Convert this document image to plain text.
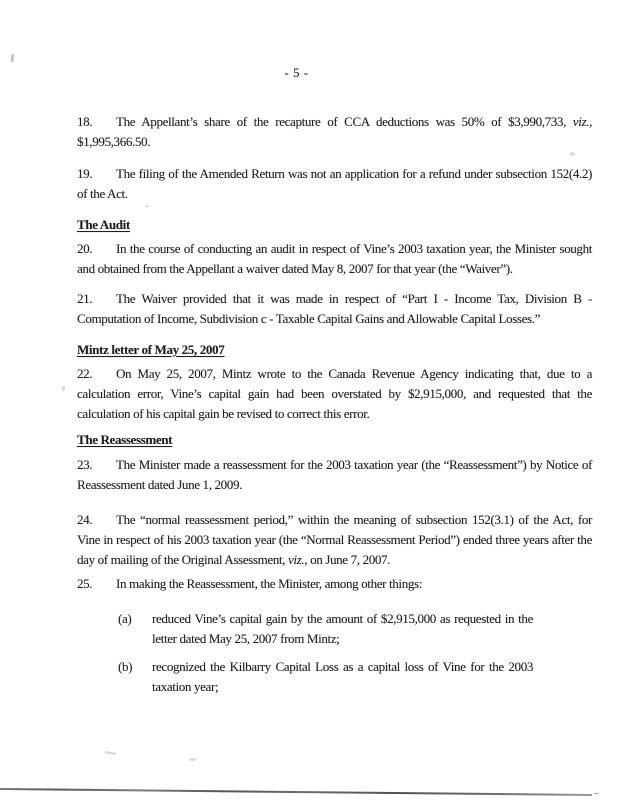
- 5 -

18. The Appellant’s share of the recapture of CCA deductions was 50% of $3,990,733, viz., $1,995,366.50.

19. The filing of the Amended Return was not an application for a refund under subsection 152(4.2) of the Act.

The Audit

20. In the course of conducting an audit in respect of Vine’s 2003 taxation year, the Minister sought and obtained from the Appellant a waiver dated May 8, 2007 for that year (the “Waiver”).

21. The Waiver provided that it was made in respect of “Part I - Income Tax, Division B - Computation of Income, Subdivision c - Taxable Capital Gains and Allowable Capital Losses.”

Mintz letter of May 25, 2007

22. On May 25, 2007, Mintz wrote to the Canada Revenue Agency indicating that, due to a calculation error, Vine’s capital gain had been overstated by $2,915,000, and requested that the calculation of his capital gain be revised to correct this error.

The Reassessment

23. The Minister made a reassessment for the 2003 taxation year (the “Reassessment”) by Notice of Reassessment dated June 1, 2009.

24. The “normal reassessment period,” within the meaning of subsection 152(3.1) of the Act, for Vine in respect of his 2003 taxation year (the “Normal Reassessment Period”) ended three years after the day of mailing of the Original Assessment, viz., on June 7, 2007.

25. In making the Reassessment, the Minister, among other things:

(a) reduced Vine’s capital gain by the amount of $2,915,000 as requested in the letter dated May 25, 2007 from Mintz;

(b) recognized the Kilbarry Capital Loss as a capital loss of Vine for the 2003 taxation year;
